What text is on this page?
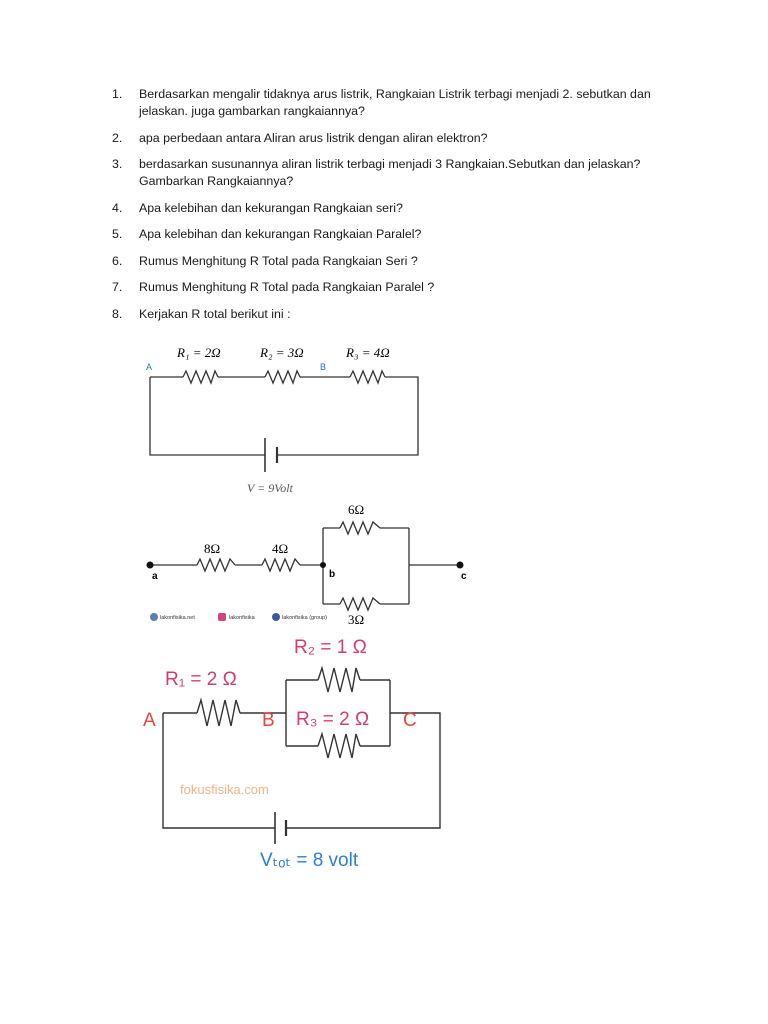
1.	Berdasarkan mengalir tidaknya arus listrik, Rangkaian Listrik terbagi menjadi 2. sebutkan dan jelaskan. juga gambarkan rangkaiannya?
2.	apa perbedaan antara Aliran arus listrik dengan aliran elektron?
3.	berdasarkan susunannya aliran listrik terbagi menjadi 3 Rangkaian.Sebutkan dan jelaskan? Gambarkan Rangkaiannya?
4.	Apa kelebihan dan kekurangan Rangkaian seri?
5.	Apa kelebihan dan kekurangan Rangkaian Paralel?
6.	Rumus Menghitung R Total pada Rangkaian Seri ?
7.	Rumus Menghitung R Total pada Rangkaian Paralel ?
8.	Kerjakan R total berikut ini :
R₁ = 2Ω	R₂ = 3Ω	R₃ = 4Ω
A	B
V = 9Volt
8Ω	4Ω
6Ω
3Ω
a	b	c
lakonfisika.net	lakonfisika	lakonfisika (group)
R₁ = 2 Ω
R₂ = 1 Ω
R₃ = 2 Ω
A	B	C
fokusfisika.com
Vₜₒₜ = 8 volt
